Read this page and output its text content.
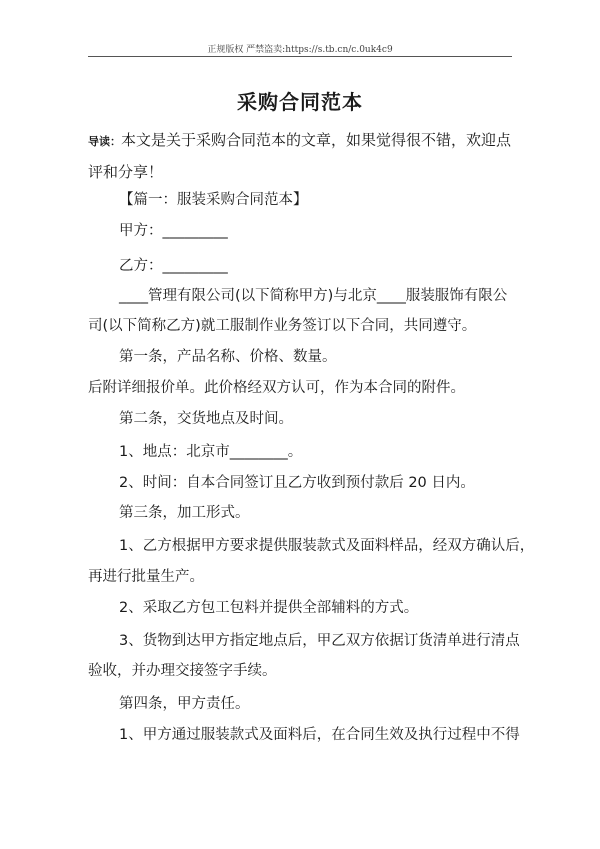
正规版权 严禁盗卖:https://s.tb.cn/c.0uk4c9
采购合同范本
导读：本文是关于采购合同范本的文章，如果觉得很不错，欢迎点评和分享！
【篇一：服装采购合同范本】
甲方：_________
乙方：_________
____管理有限公司(以下简称甲方)与北京____服装服饰有限公
司(以下简称乙方)就工服制作业务签订以下合同，共同遵守。
第一条，产品名称、价格、数量。
后附详细报价单。此价格经双方认可，作为本合同的附件。
第二条，交货地点及时间。
1、地点：北京市________。
2、时间：自本合同签订且乙方收到预付款后 20 日内。
第三条，加工形式。
1、乙方根据甲方要求提供服装款式及面料样品，经双方确认后，
再进行批量生产。
2、采取乙方包工包料并提供全部辅料的方式。
3、货物到达甲方指定地点后，甲乙双方依据订货清单进行清点
验收，并办理交接签字手续。
第四条，甲方责任。
1、甲方通过服装款式及面料后，在合同生效及执行过程中不得
